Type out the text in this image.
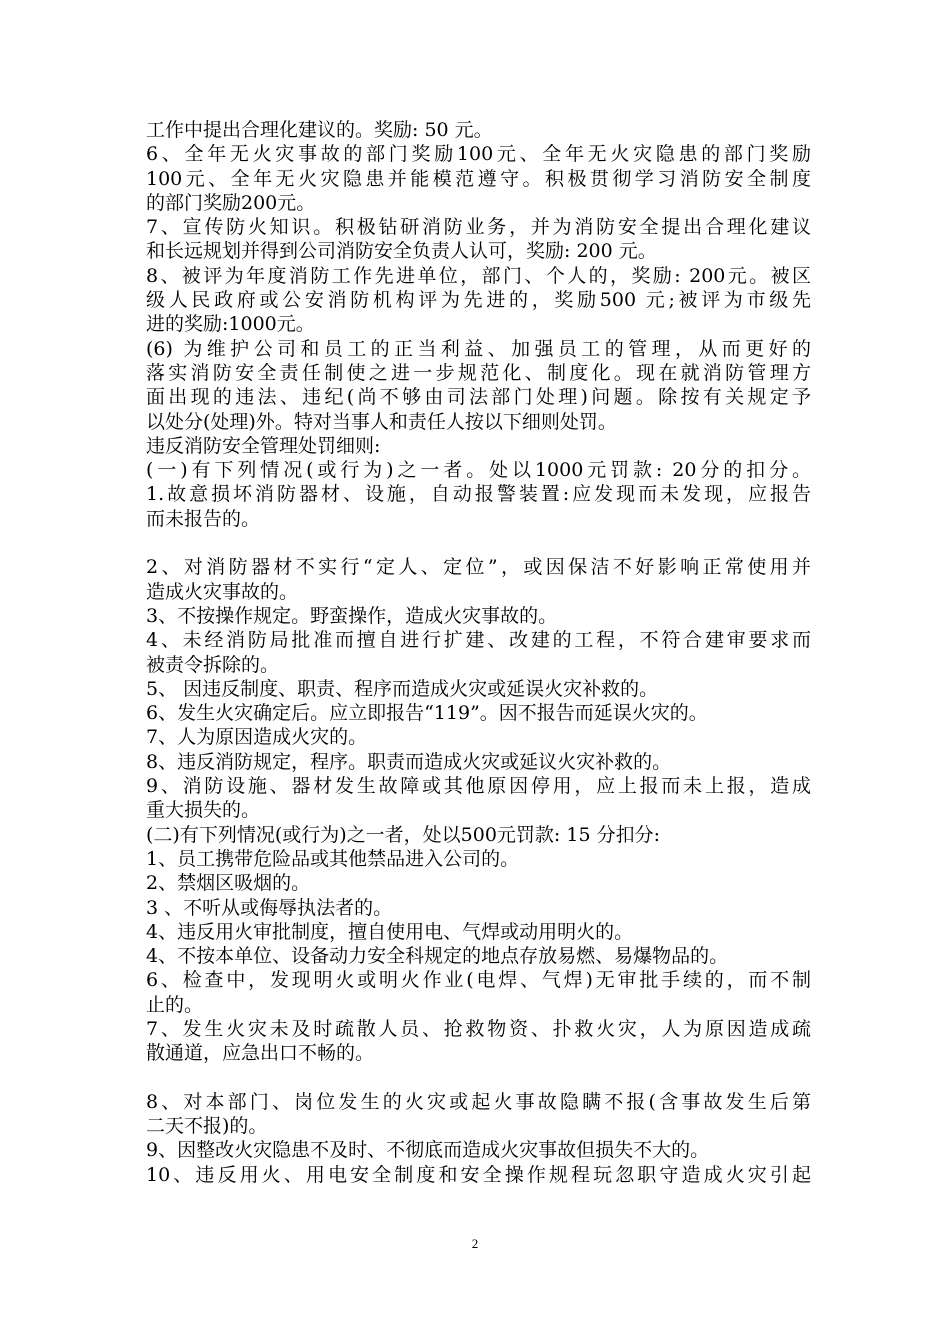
工作中提出合理化建议的。奖励: 50 元。
6、全年无火灾事故的部门奖励100元、全年无火灾隐患的部门奖励
100元、全年无火灾隐患并能模范遵守。积极贯彻学习消防安全制度
的部门奖励200元。
7、宣传防火知识。积极钻研消防业务，并为消防安全提出合理化建议
和长远规划并得到公司消防安全负责人认可，奖励: 200 元。
8、被评为年度消防工作先进单位，部门、个人的，奖励: 200元。被区
级人民政府或公安消防机构评为先进的，奖励500 元;被评为市级先
进的奖励:1000元。
(6) 为维护公司和员工的正当利益、加强员工的管理，从而更好的
落实消防安全责任制使之进一步规范化、制度化。现在就消防管理方
面出现的违法、违纪(尚不够由司法部门处理)问题。除按有关规定予
以处分(处理)外。特对当事人和责任人按以下细则处罚。
违反消防安全管理处罚细则:
(一)有下列情况(或行为)之一者。处以1000元罚款: 20分的扣分。
1.故意损坏消防器材、设施，自动报警装置:应发现而未发现，应报告
而未报告的。
2、对消防器材不实行“定人、定位”，或因保洁不好影响正常使用并
造成火灾事故的。
3、不按操作规定。野蛮操作，造成火灾事故的。
4、未经消防局批准而擅自进行扩建、改建的工程，不符合建审要求而
被责令拆除的。
5、 因违反制度、职责、程序而造成火灾或延误火灾补救的。
6、发生火灾确定后。应立即报告“119”。因不报告而延误火灾的。
7、人为原因造成火灾的。
8、违反消防规定，程序。职责而造成火灾或延议火灾补救的。
9、消防设施、器材发生故障或其他原因停用，应上报而未上报，造成
重大损失的。
(二)有下列情况(或行为)之一者，处以500元罚款: 15 分扣分:
1、员工携带危险品或其他禁品进入公司的。
2、禁烟区吸烟的。
3 、不听从或侮辱执法者的。
4、违反用火审批制度，擅自使用电、气焊或动用明火的。
4、不按本单位、设备动力安全科规定的地点存放易燃、易爆物品的。
6、检查中，发现明火或明火作业(电焊、气焊)无审批手续的，而不制
止的。
7、发生火灾未及时疏散人员、抢救物资、扑救火灾，人为原因造成疏
散通道，应急出口不畅的。
8、对本部门、岗位发生的火灾或起火事故隐瞒不报(含事故发生后第
二天不报)的。
9、因整改火灾隐患不及时、不彻底而造成火灾事故但损失不大的。
10、违反用火、用电安全制度和安全操作规程玩忽职守造成火灾引起
2
